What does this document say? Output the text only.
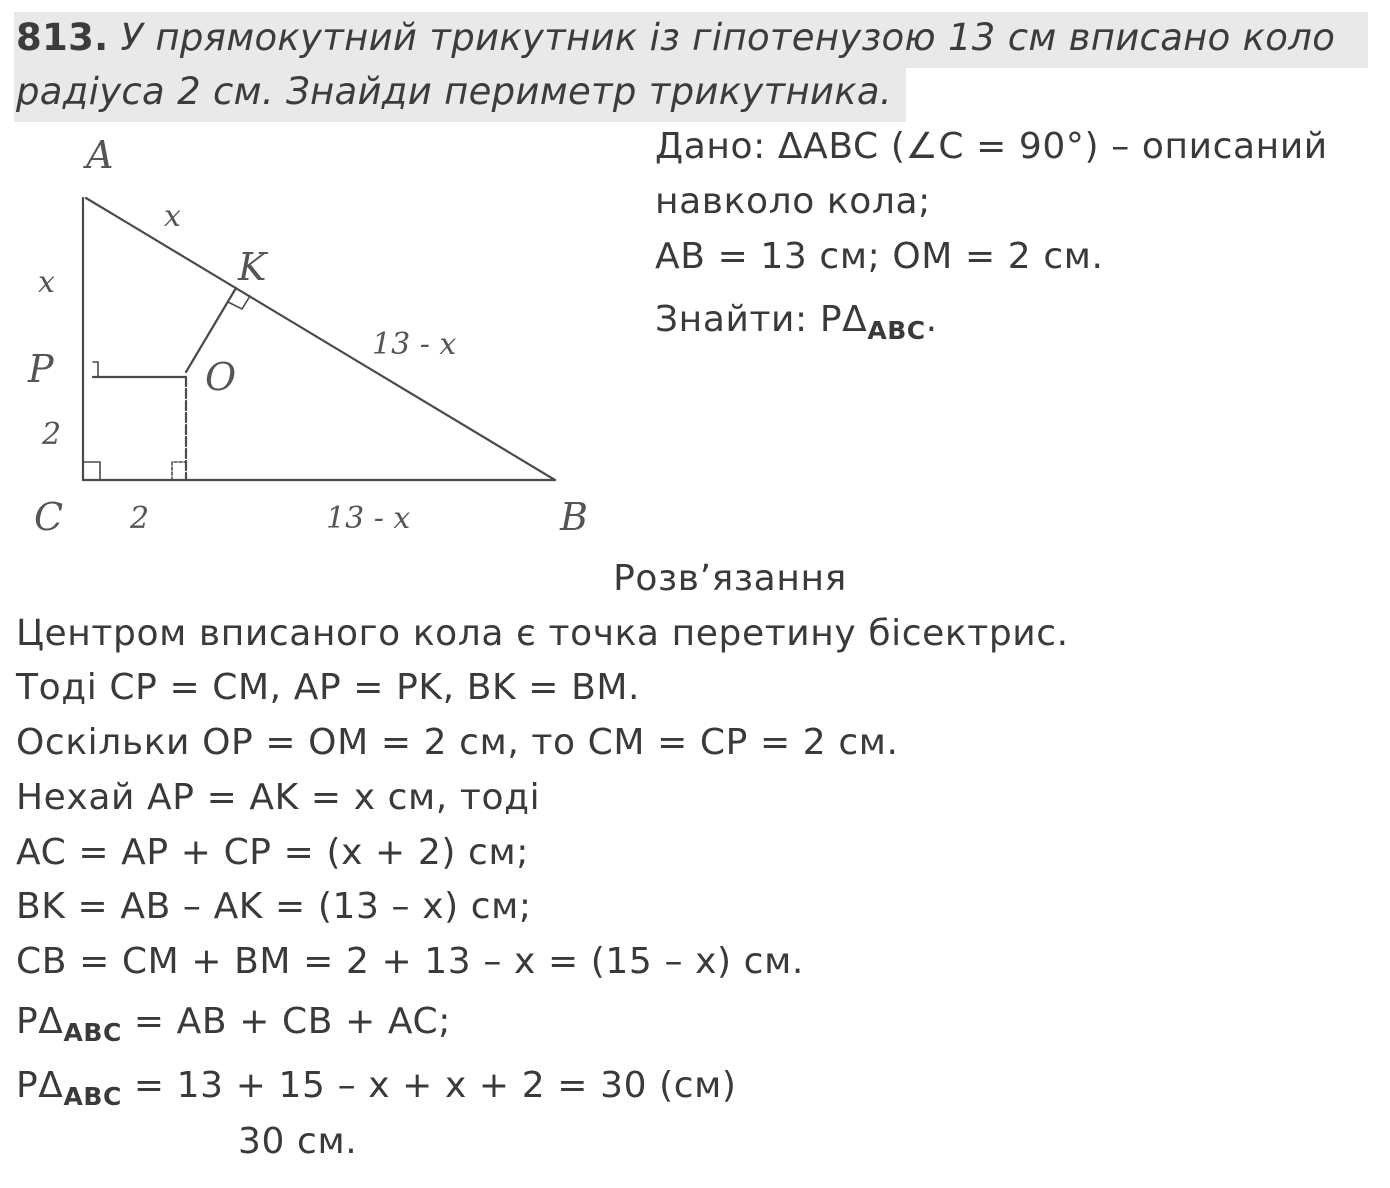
813. У прямокутний трикутник із гіпотенузою 13 см вписано коло
радіуса 2 см. Знайди периметр трикутника.
A
C	B
K
P	O
x
x
13 - x
2
2	13 - x
Дано: ΔABC (∠C = 90°) – описаний
навколо кола;
AB = 13 см; OM = 2 см.
Знайти: $P\Delta_{ABC}$.
Розв’язання
Центром вписаного кола є точка перетину бісектрис.
Тоді CP = CM, AP = PK, BK = BM.
Оскільки OP = OM = 2 см, то CM = CP = 2 см.
Нехай AP = AK = x см, тоді
AC = AP + CP = (x + 2) см;
BK = AB – AK = (13 – x) см;
CB = CM + BM = 2 + 13 – x = (15 – x) см.
$P\Delta_{ABC}$ = AB + CB + AC;
$P\Delta_{ABC} = 13 + 15 - x + x + 2 = 30$ (см)
30 см.
